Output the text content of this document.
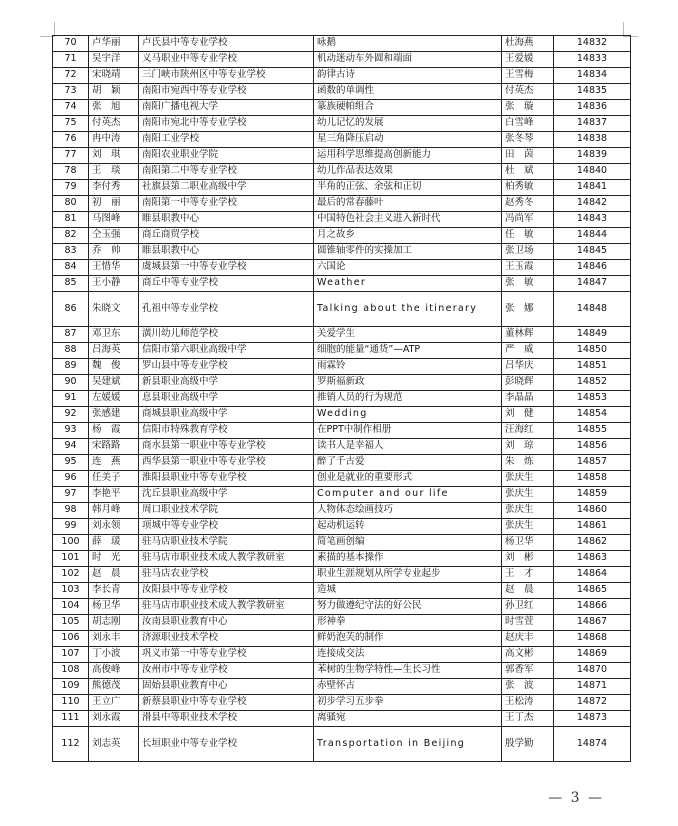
70	卢华丽	卢氏县中等专业学校	咏鹅	杜海燕	14832
71	吴宇洋	义马职业中等专业学校	机动迷动车外圆和端面	王爱媛	14833
72	宋晓靖	三门峡市陕州区中等专业学校	韵律古诗	王雪梅	14834
73	胡　颖	南阳市宛西中等专业学校	函数的单调性	付英杰	14835
74	张　旭	南阳广播电视大学	篆族硬帕组合	张　璇	14836
75	付英杰	南阳市宛北中等专业学校	幼儿记忆的发展	白雪峰	14837
76	冉中涛	南阳工业学校	星三角降压启动	张冬琴	14838
77	刘　琪	南阳农业职业学院	运用科学思维提高创新能力	田　茵	14839
78	王　琰	南阳第二中等专业学校	幼儿作品表达效果	杜　斌	14840
79	李付秀	社旗县第二职业高级中学	半角的正弦、余弦和正切	柏秀敏	14841
80	初　丽	南阳第一中等专业学校	最后的常春藤叶	赵秀冬	14842
81	马图峰	睢县职教中心	中国特色社会主义进入新时代	冯尚军	14843
82	仝玉强	商丘商贸学校	月之故乡	任　敏	14844
83	乔　帅	睢县职教中心	圆锥轴零件的实操加工	张卫场	14845
84	王惜华	虞城县第一中等专业学校	六国论	王玉霞	14846
85	王小静	商丘中等专业学校	Weather	张　敏	14847
86	朱晓文	孔祖中等专业学校	Talking about the itinerary	张　娜	14848
87	邓卫东	潢川幼儿师范学校	关爱学生	董林辉	14849
88	吕海英	信阳市第六职业高级中学	细胞的能量“通货”—ATP	严　威	14850
89	魏　俊	罗山县中等专业学校	雨霖铃	吕华庆	14851
90	吴建斌	新县职业高级中学	罗斯福新政	彭晓辉	14852
91	左媛媛	息县职业高级中学	推销人员的行为规范	李晶晶	14853
92	张感建	商城县职业高级中学	Wedding	刘　健	14854
93	杨　霞	信阳市特殊教育学校	在PPT中制作相册	汪海红	14855
94	宋路路	商水县第一职业中等专业学校	读书人是幸福人	刘　琼	14856
95	连　燕	西华县第一职业中等专业学校	醉了千古爱	朱　炼	14857
96	任美子	淮阳县职业中等专业学校	创业是就业的重要形式	张庆生	14858
97	李艳平	沈丘县职业高级中学	Computer and our life	张庆生	14859
98	韩月峰	周口职业技术学院	人物体态绘画技巧	张庆生	14860
99	刘永领	项城中等专业学校	起动机运转	张庆生	14861
100	薛　瑗	驻马店职业技术学院	简笔画创编	杨卫华	14862
101	时　光	驻马店市职业技术成人教学教研室	素描的基本操作	刘　彬	14863
102	赵　晨	驻马店农业学校	职业生涯规划从所学专业起步	王　才	14864
103	李长青	汝阳县中等专业学校	造城	赵　晨	14865
104	杨卫华	驻马店市职业技术成人教学教研室	努力做遵纪守法的好公民	孙卫红	14866
105	胡志刚	汝南县职业教育中心	形神拳	时雪萱	14867
106	刘永丰	济源职业技术学校	鲜奶泡芙的制作	赵庆丰	14868
107	丁小波	巩义市第一中等专业学校	连接成交法	高文彬	14869
108	高俊峰	汝州市中等专业学校	苯树的生物学特性—生长习性	郭香军	14870
109	熊德茂	固始县职业教育中心	赤壁怀古	张　波	14871
110	王立广	新蔡县职业中等专业学校	初步学习五步拳	王松涛	14872
111	刘永霞	滑县中等职业技术学校	离骚宛	王丁杰	14873
112	刘志英	长垣职业中等专业学校	Transportation in Beijing	殷学勤	14874
— 3 —
